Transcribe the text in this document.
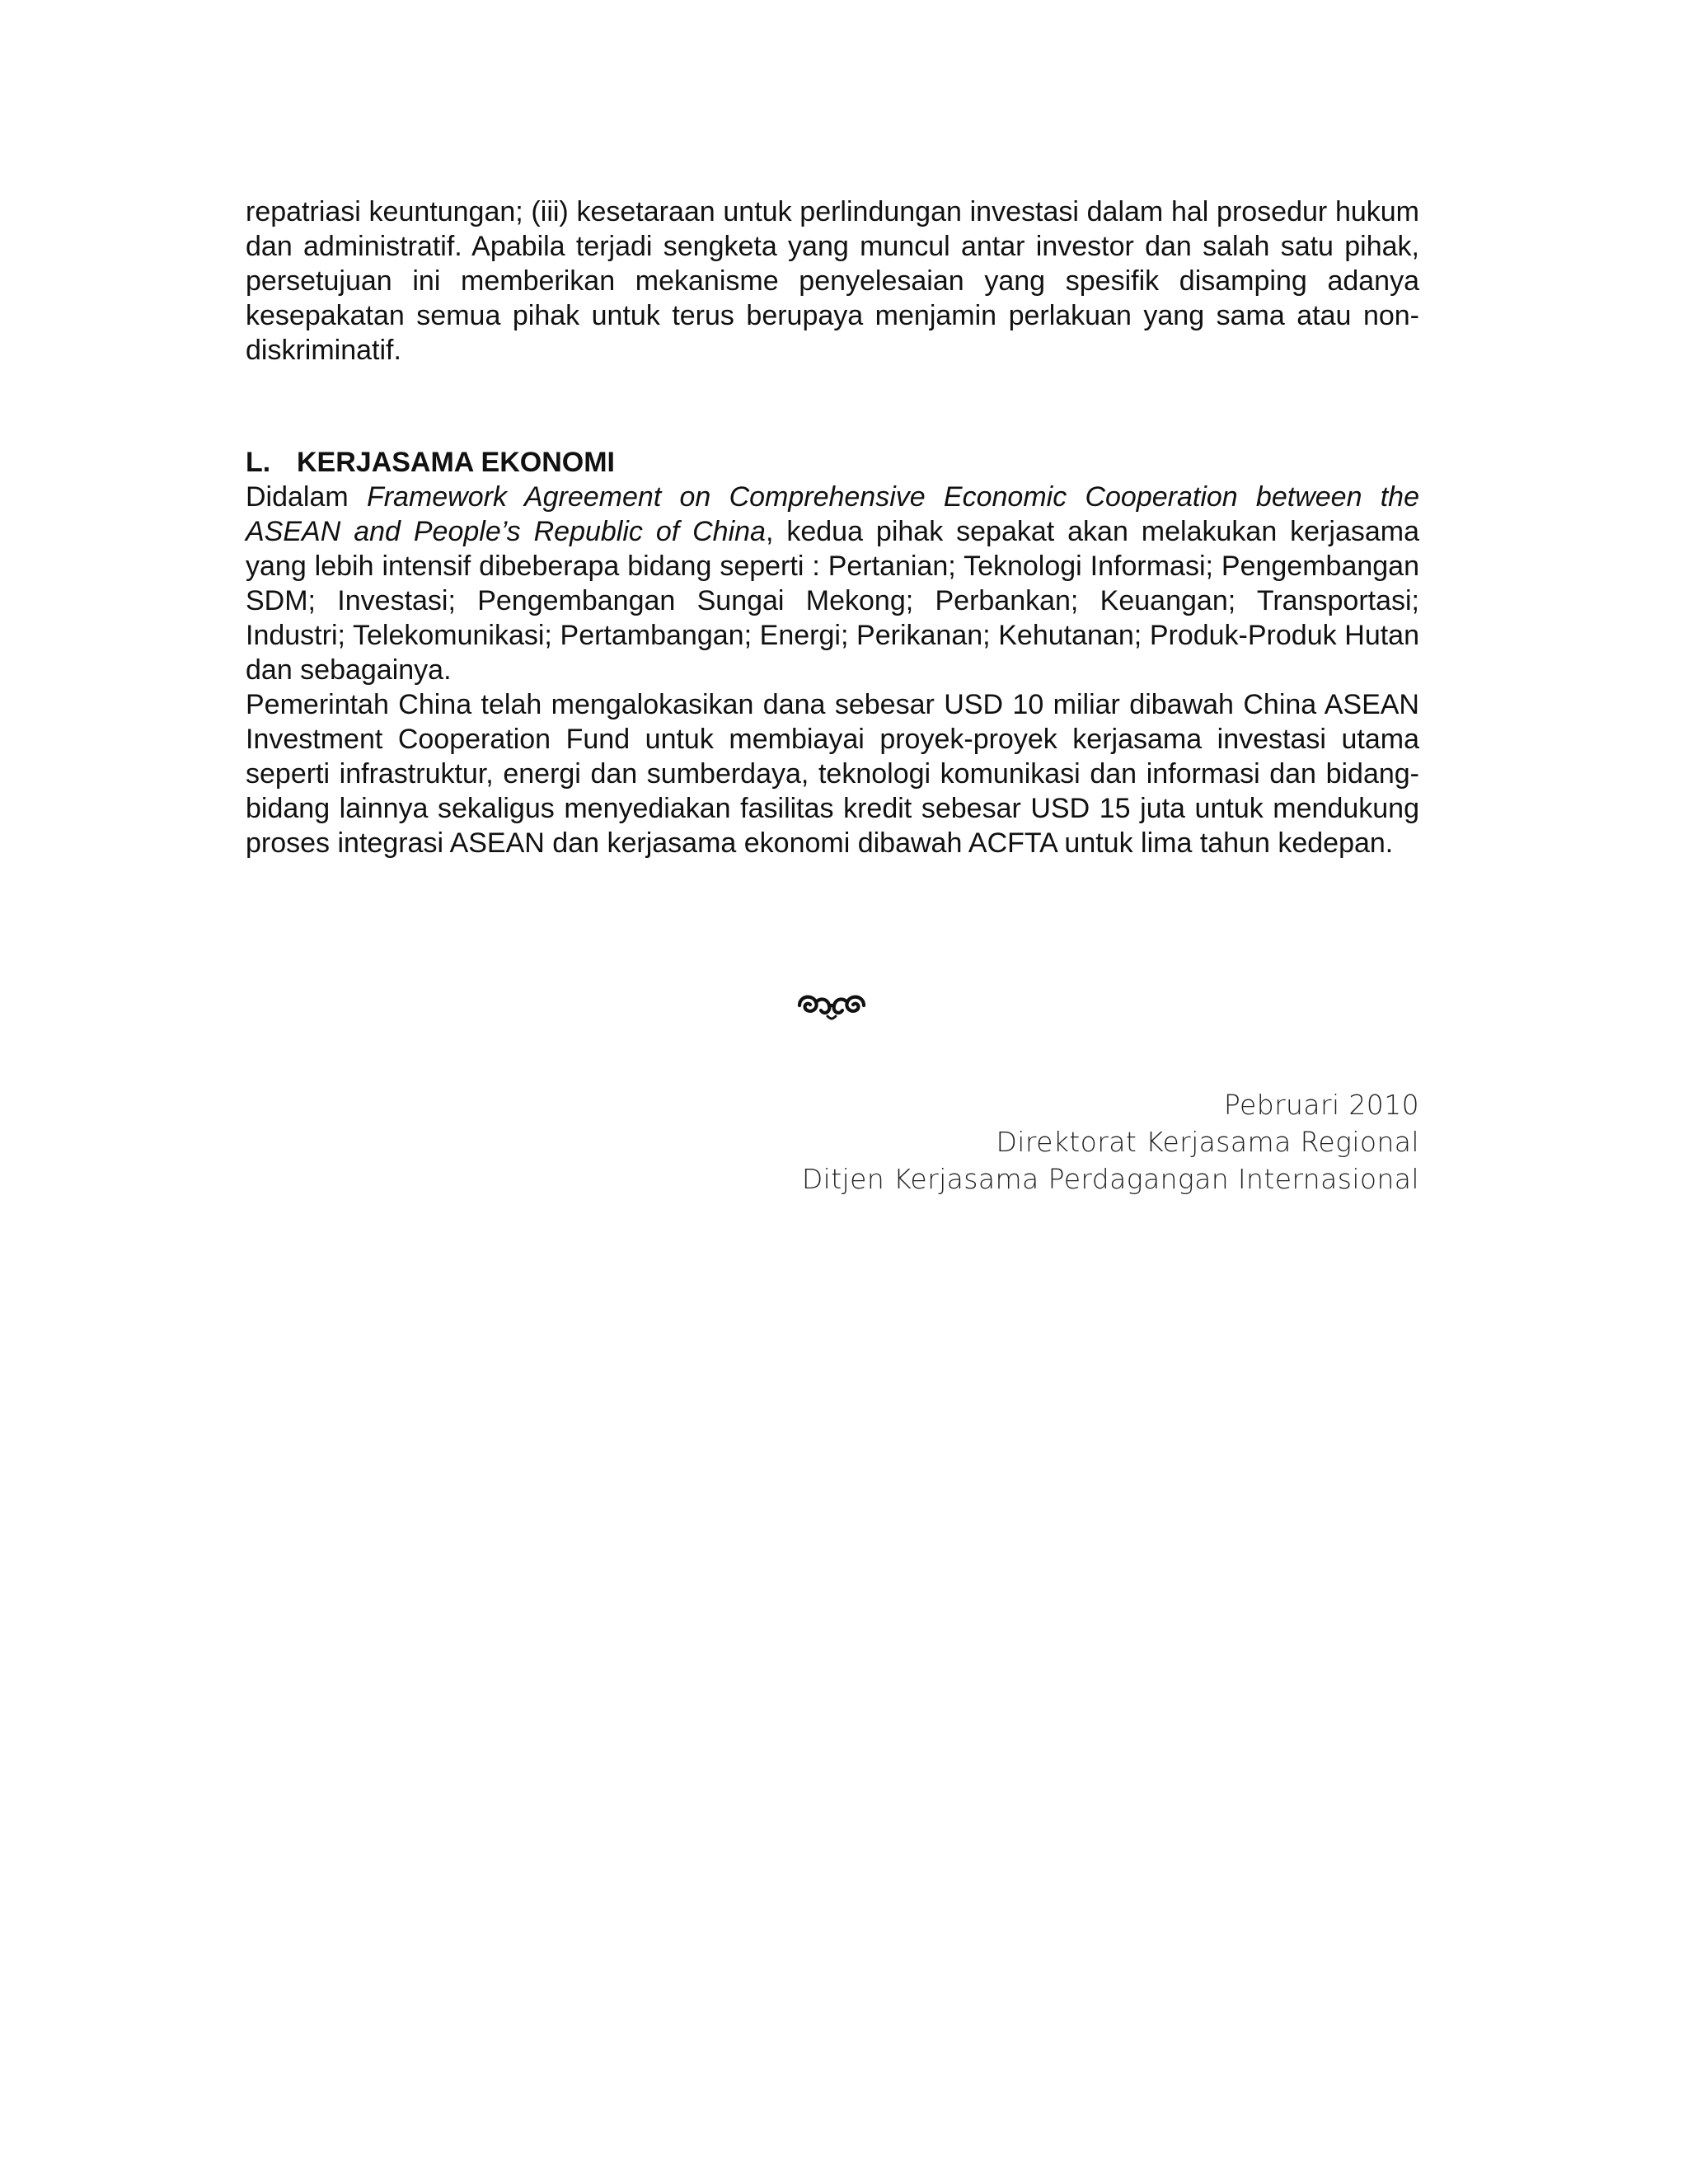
repatriasi keuntungan; (iii) kesetaraan untuk perlindungan investasi dalam hal prosedur hukum dan administratif. Apabila terjadi sengketa yang muncul antar investor dan salah satu pihak, persetujuan ini memberikan mekanisme penyelesaian yang spesifik disamping adanya kesepakatan semua pihak untuk terus berupaya menjamin perlakuan yang sama atau non-diskriminatif.

L. KERJASAMA EKONOMI

Didalam Framework Agreement on Comprehensive Economic Cooperation between the ASEAN and People’s Republic of China, kedua pihak sepakat akan melakukan kerjasama yang lebih intensif dibeberapa bidang seperti : Pertanian; Teknologi Informasi; Pengembangan SDM; Investasi; Pengembangan Sungai Mekong; Perbankan; Keuangan; Transportasi; Industri; Telekomunikasi; Pertambangan; Energi; Perikanan; Kehutanan; Produk-Produk Hutan dan sebagainya.

Pemerintah China telah mengalokasikan dana sebesar USD 10 miliar dibawah China ASEAN Investment Cooperation Fund untuk membiayai proyek-proyek kerjasama investasi utama seperti infrastruktur, energi dan sumberdaya, teknologi komunikasi dan informasi dan bidang-bidang lainnya sekaligus menyediakan fasilitas kredit sebesar USD 15 juta untuk mendukung proses integrasi ASEAN dan kerjasama ekonomi dibawah ACFTA untuk lima tahun kedepan.

Pebruari 2010
Direktorat Kerjasama Regional
Ditjen Kerjasama Perdagangan Internasional
